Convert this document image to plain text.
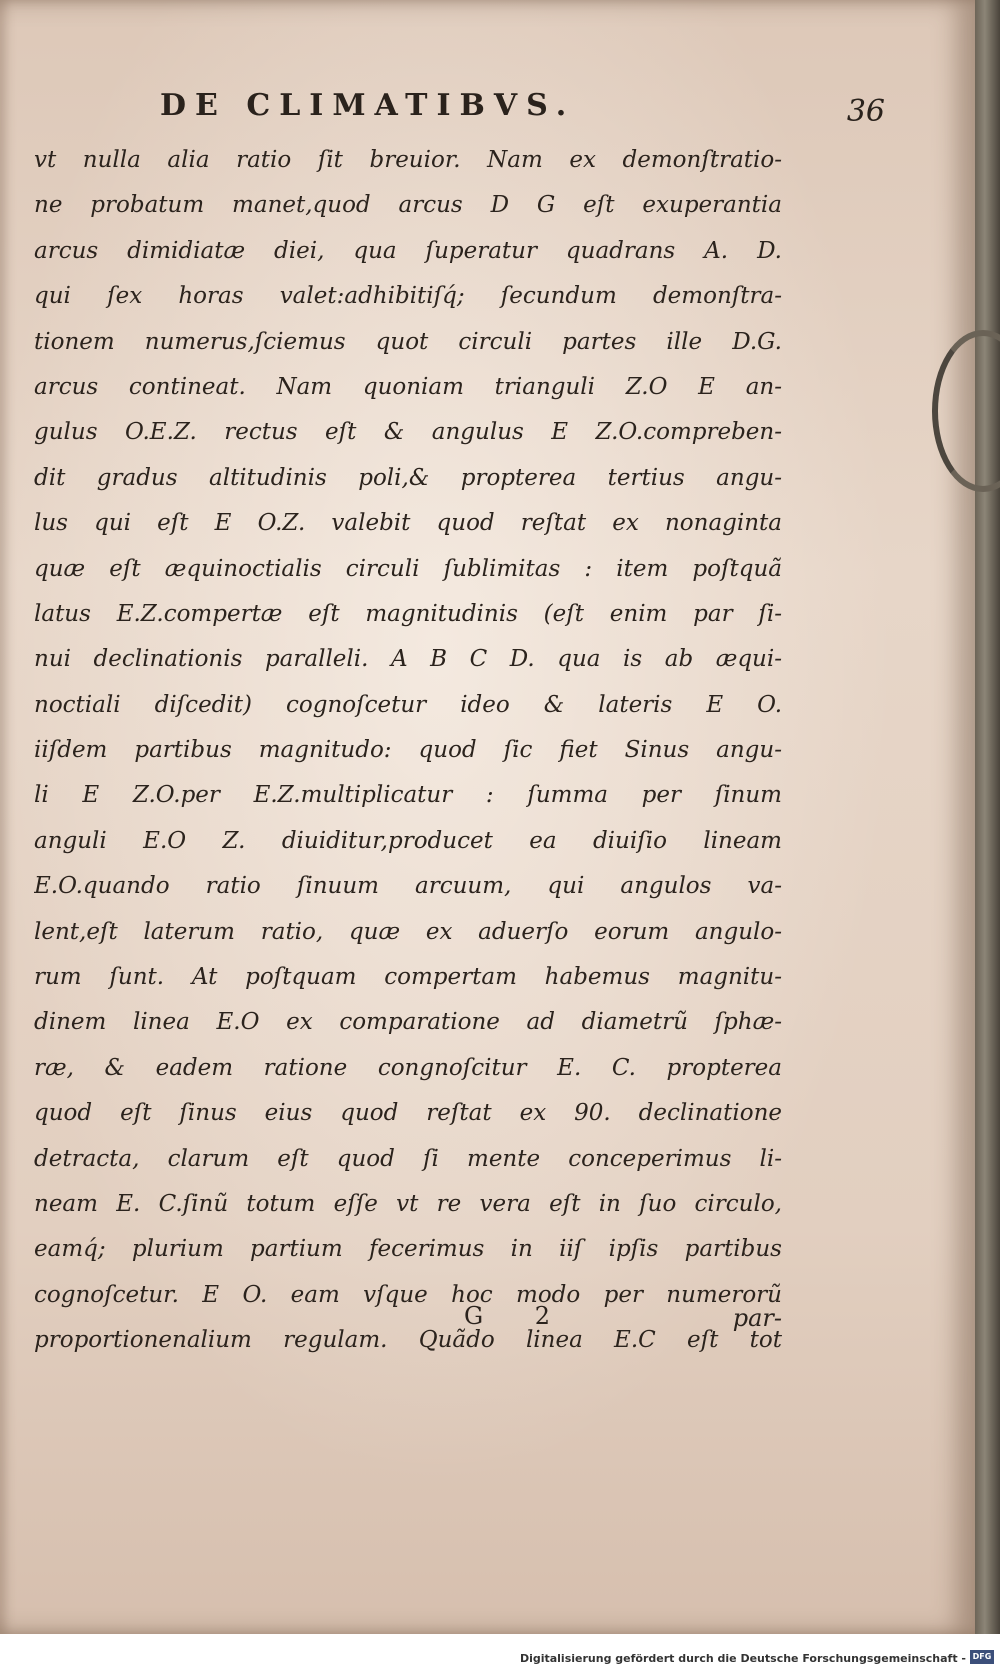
DE CLIMATIBVS.	36
vt nulla alia ratio ſit breuior. Nam ex demonſtratio-
ne probatum manet,quod arcus D G eſt exuperantia
arcus dimidiatæ diei, qua ſuperatur quadrans A. D.
qui ſex horas valet:adhibitiſq́; ſecundum demonſtra-
tionem numerus,ſciemus quot circuli partes ille D.G.
arcus contineat. Nam quoniam trianguli Z.O E an-
gulus O.E.Z. rectus eſt & angulus E Z.O.compreben-
dit gradus altitudinis poli,& propterea tertius angu-
lus qui eſt E O.Z. valebit quod reſtat ex nonaginta
quæ eſt æquinoctialis circuli ſublimitas : item poſtquã
latus E.Z.compertæ eſt magnitudinis (eſt enim par ſi-
nui declinationis paralleli. A B C D. qua is ab æqui-
noctiali diſcedit) cognoſcetur ideo & lateris E O.
iiſdem partibus magnitudo: quod ſic fiet Sinus angu-
li E Z.O.per E.Z.multiplicatur : ſumma per ſinum
anguli E.O Z. diuiditur,producet ea diuiſio lineam
E.O.quando ratio ſinuum arcuum, qui angulos va-
lent,eſt laterum ratio, quæ ex aduerſo eorum angulo-
rum ſunt. At poſtquam compertam habemus magnitu-
dinem linea E.O ex comparatione ad diametrũ ſphæ-
ræ, & eadem ratione congnoſcitur E. C. propterea
quod eſt ſinus eius quod reſtat ex 90. declinatione
detracta, clarum eſt quod ſi mente conceperimus li-
neam E. C.ſinũ totum eſſe vt re vera eſt in ſuo circulo,
eamq́; plurium partium fecerimus in iiſ ipſis partibus
cognoſcetur. E O. eam vſque hoc modo per numerorũ
proportionenalium regulam. Quãdo linea E.C eſt tot
G 2	par-
Digitalisierung gefördert durch die Deutsche Forschungsgemeinschaft - DFG
